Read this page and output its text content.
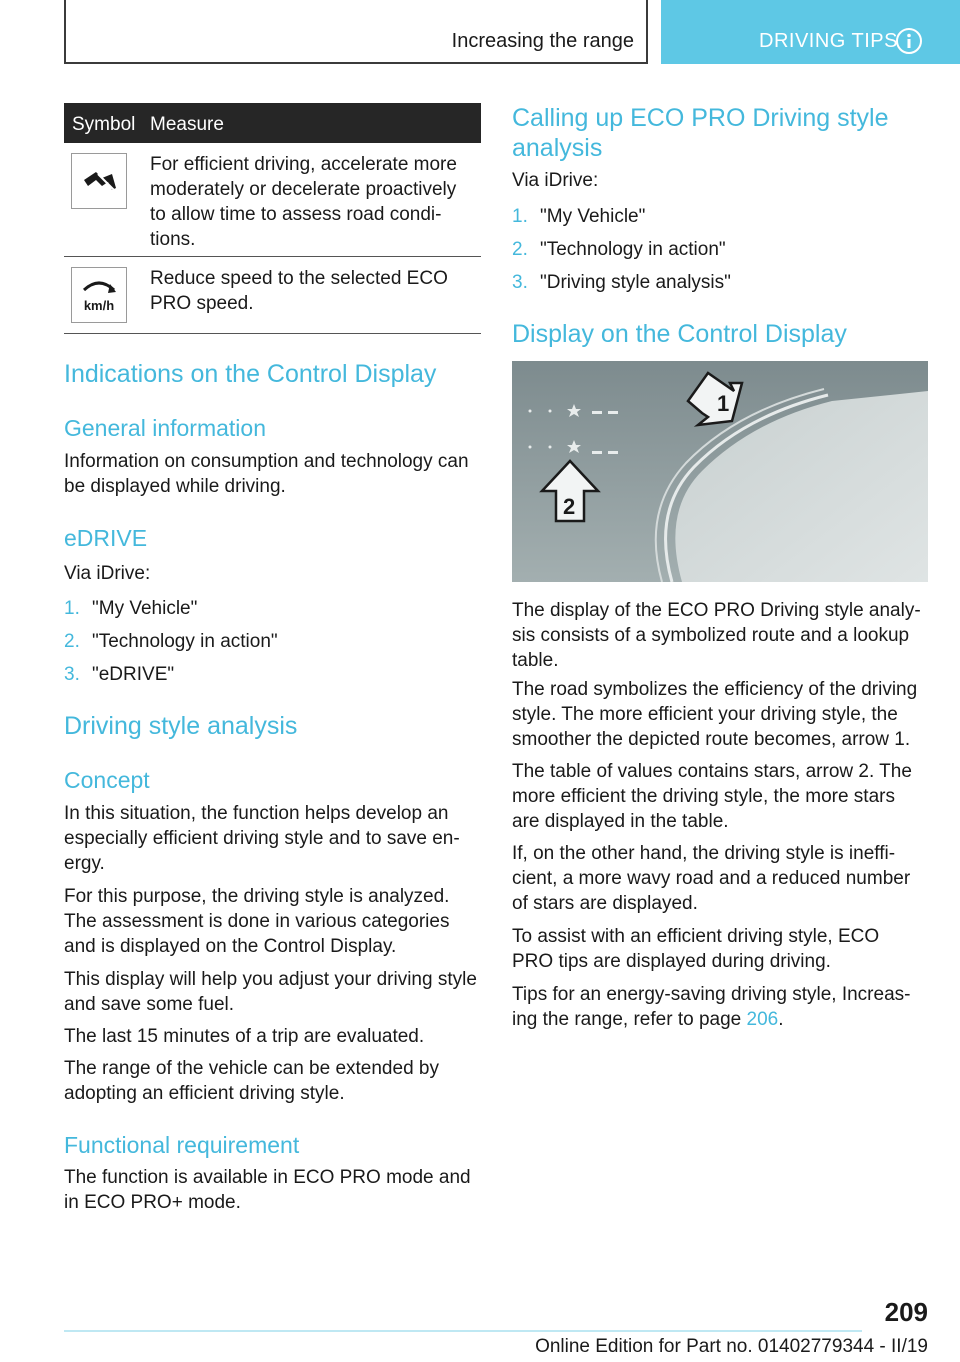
Increasing the range	DRIVING TIPS
Symbol Measure
For efficient driving, accelerate more
moderately or decelerate proactively
to allow time to assess road condi-
tions.
km/h
Reduce speed to the selected ECO
PRO speed.
Indications on the Control Display
General information

Information on consumption and technology can
be displayed while driving.

eDRIVE

Via iDrive:

1. "My Vehicle"
2. "Technology in action"
3. "eDRIVE"
Driving style analysis
Concept

In this situation, the function helps develop an
especially efficient driving style and to save en-
ergy.

For this purpose, the driving style is analyzed.
The assessment is done in various categories
and is displayed on the Control Display.

This display will help you adjust your driving style
and save some fuel.

The last 15 minutes of a trip are evaluated.

The range of the vehicle can be extended by
adopting an efficient driving style.

Functional requirement

The function is available in ECO PRO mode and
in ECO PRO+ mode.

Calling up ECO PRO Driving style
analysis

Via iDrive:

1. "My Vehicle"
2. "Technology in action"
3. "Driving style analysis"
Display on the Control Display
1
2

The display of the ECO PRO Driving style analy-
sis consists of a symbolized route and a lookup
table.

The road symbolizes the efficiency of the driving
style. The more efficient your driving style, the
smoother the depicted route becomes, arrow 1.

The table of values contains stars, arrow 2. The
more efficient the driving style, the more stars
are displayed in the table.

If, on the other hand, the driving style is ineffi-
cient, a more wavy road and a reduced number
of stars are displayed.

To assist with an efficient driving style, ECO
PRO tips are displayed during driving.

Tips for an energy-saving driving style, Increas-
ing the range, refer to page 206.

209
Online Edition for Part no. 01402779344 - II/19
